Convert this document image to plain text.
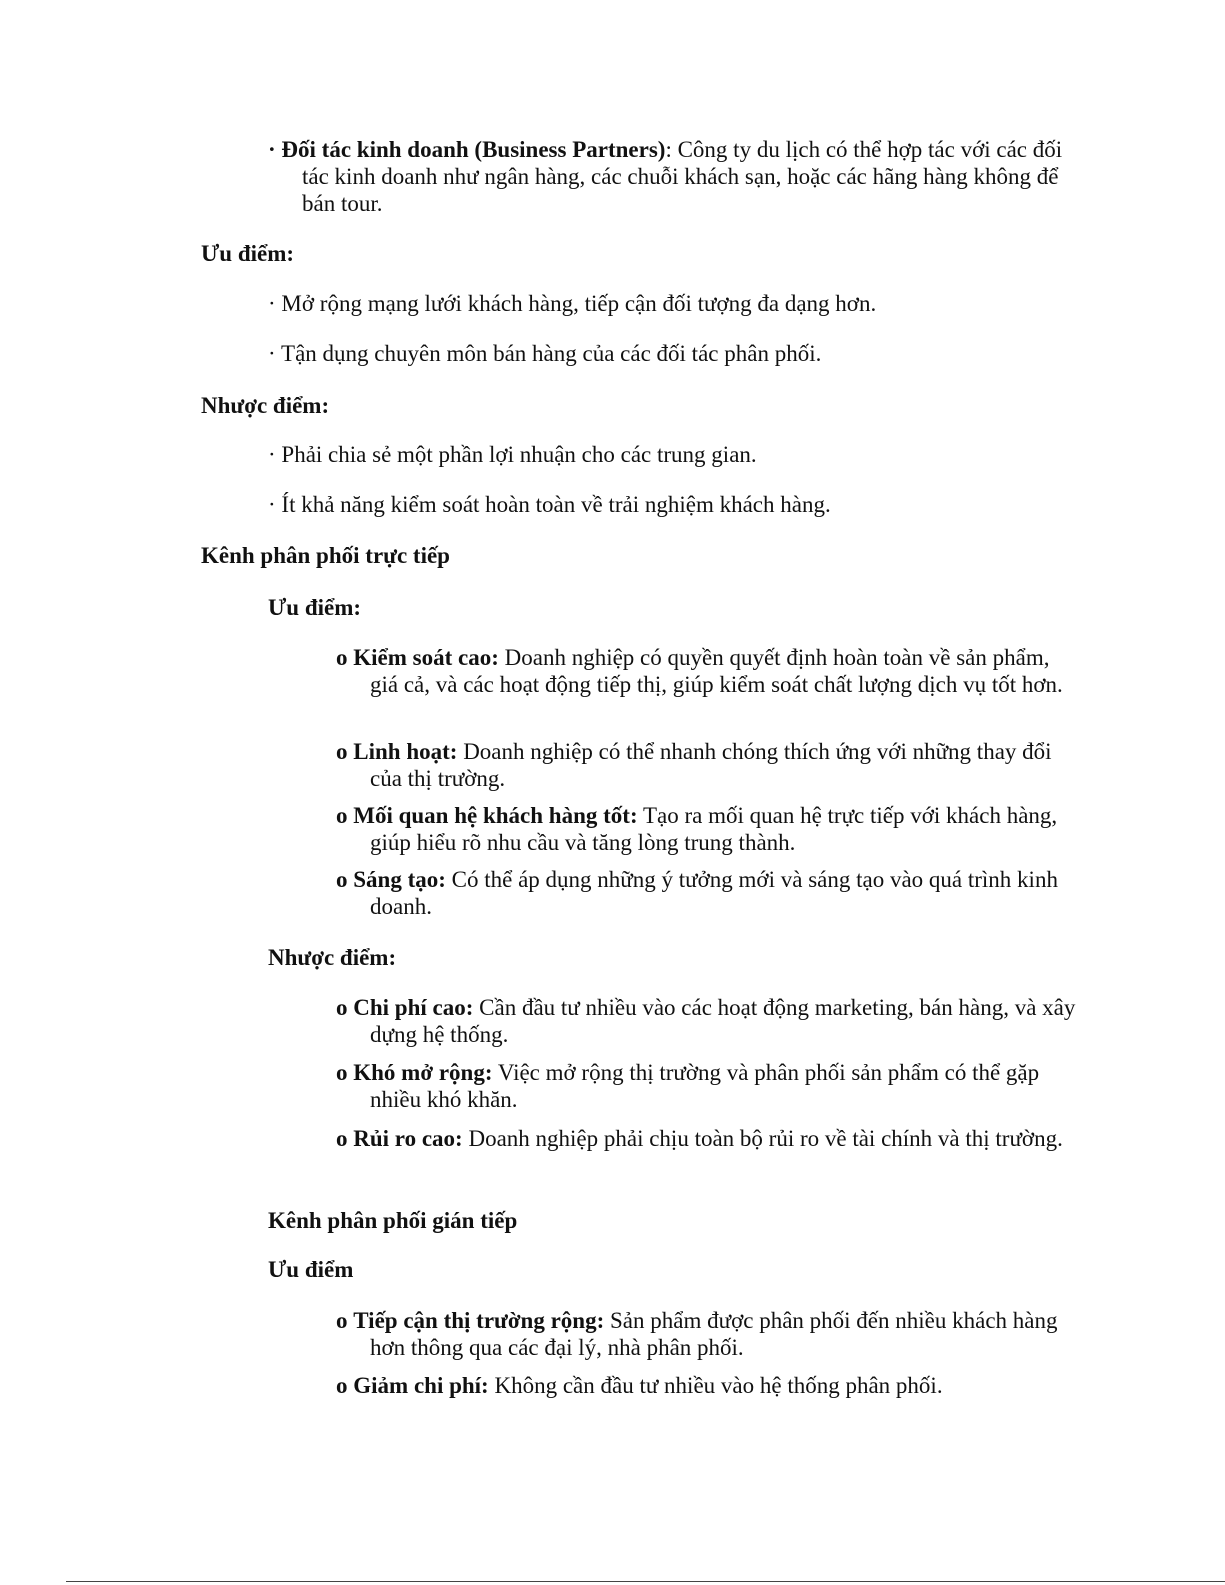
· Đối tác kinh doanh (Business Partners): Công ty du lịch có thể hợp tác với các đối tác kinh doanh như ngân hàng, các chuỗi khách sạn, hoặc các hãng hàng không để bán tour.

Ưu điểm:

· Mở rộng mạng lưới khách hàng, tiếp cận đối tượng đa dạng hơn.

· Tận dụng chuyên môn bán hàng của các đối tác phân phối.

Nhược điểm:

· Phải chia sẻ một phần lợi nhuận cho các trung gian.

· Ít khả năng kiểm soát hoàn toàn về trải nghiệm khách hàng.

Kênh phân phối trực tiếp

Ưu điểm:

o Kiểm soát cao: Doanh nghiệp có quyền quyết định hoàn toàn về sản phẩm, giá cả, và các hoạt động tiếp thị, giúp kiểm soát chất lượng dịch vụ tốt hơn.

o Linh hoạt: Doanh nghiệp có thể nhanh chóng thích ứng với những thay đổi của thị trường.

o Mối quan hệ khách hàng tốt: Tạo ra mối quan hệ trực tiếp với khách hàng, giúp hiểu rõ nhu cầu và tăng lòng trung thành.

o Sáng tạo: Có thể áp dụng những ý tưởng mới và sáng tạo vào quá trình kinh doanh.

Nhược điểm:

o Chi phí cao: Cần đầu tư nhiều vào các hoạt động marketing, bán hàng, và xây dựng hệ thống.

o Khó mở rộng: Việc mở rộng thị trường và phân phối sản phẩm có thể gặp nhiều khó khăn.

o Rủi ro cao: Doanh nghiệp phải chịu toàn bộ rủi ro về tài chính và thị trường.

Kênh phân phối gián tiếp

Ưu điểm

o Tiếp cận thị trường rộng: Sản phẩm được phân phối đến nhiều khách hàng hơn thông qua các đại lý, nhà phân phối.

o Giảm chi phí: Không cần đầu tư nhiều vào hệ thống phân phối.
